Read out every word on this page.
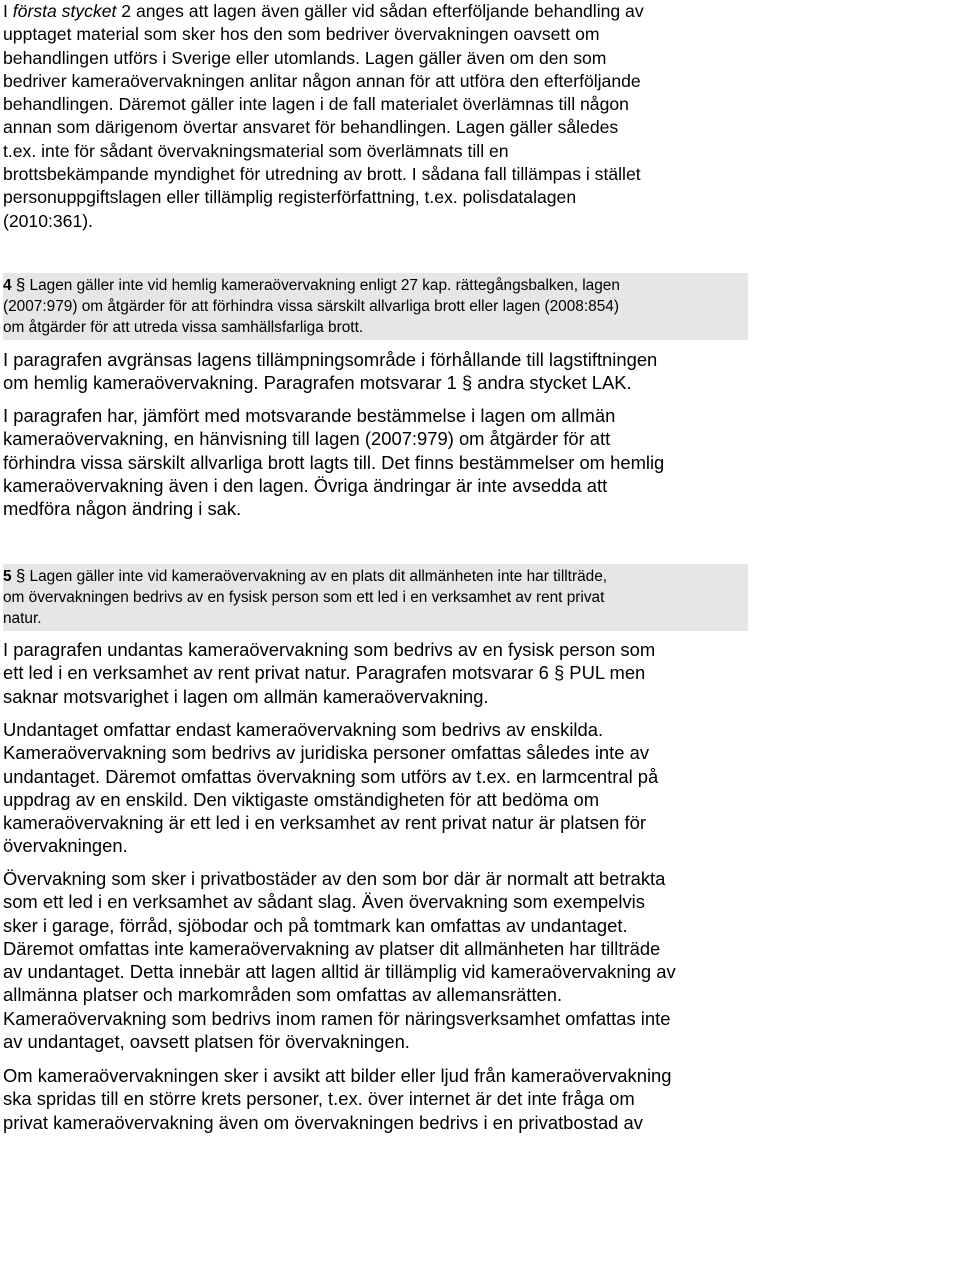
I första stycket 2 anges att lagen även gäller vid sådan efterföljande behandling av
upptaget material som sker hos den som bedriver övervakningen oavsett om
behandlingen utförs i Sverige eller utomlands. Lagen gäller även om den som
bedriver kameraövervakningen anlitar någon annan för att utföra den efterföljande
behandlingen. Däremot gäller inte lagen i de fall materialet överlämnas till någon
annan som därigenom övertar ansvaret för behandlingen. Lagen gäller således
t.ex. inte för sådant övervakningsmaterial som överlämnats till en
brottsbekämpande myndighet för utredning av brott. I sådana fall tillämpas i stället
personuppgiftslagen eller tillämplig registerförfattning, t.ex. polisdatalagen
(2010:361).

4 § Lagen gäller inte vid hemlig kameraövervakning enligt 27 kap. rättegångsbalken, lagen
(2007:979) om åtgärder för att förhindra vissa särskilt allvarliga brott eller lagen (2008:854)
om åtgärder för att utreda vissa samhällsfarliga brott.

I paragrafen avgränsas lagens tillämpningsområde i förhållande till lagstiftningen
om hemlig kameraövervakning. Paragrafen motsvarar 1 § andra stycket LAK.

I paragrafen har, jämfört med motsvarande bestämmelse i lagen om allmän
kameraövervakning, en hänvisning till lagen (2007:979) om åtgärder för att
förhindra vissa särskilt allvarliga brott lagts till. Det finns bestämmelser om hemlig
kameraövervakning även i den lagen. Övriga ändringar är inte avsedda att
medföra någon ändring i sak.

5 § Lagen gäller inte vid kameraövervakning av en plats dit allmänheten inte har tillträde,
om övervakningen bedrivs av en fysisk person som ett led i en verksamhet av rent privat
natur.

I paragrafen undantas kameraövervakning som bedrivs av en fysisk person som
ett led i en verksamhet av rent privat natur. Paragrafen motsvarar 6 § PUL men
saknar motsvarighet i lagen om allmän kameraövervakning.

Undantaget omfattar endast kameraövervakning som bedrivs av enskilda.
Kameraövervakning som bedrivs av juridiska personer omfattas således inte av
undantaget. Däremot omfattas övervakning som utförs av t.ex. en larmcentral på
uppdrag av en enskild. Den viktigaste omständigheten för att bedöma om
kameraövervakning är ett led i en verksamhet av rent privat natur är platsen för
övervakningen.

Övervakning som sker i privatbostäder av den som bor där är normalt att betrakta
som ett led i en verksamhet av sådant slag. Även övervakning som exempelvis
sker i garage, förråd, sjöbodar och på tomtmark kan omfattas av undantaget.
Däremot omfattas inte kameraövervakning av platser dit allmänheten har tillträde
av undantaget. Detta innebär att lagen alltid är tillämplig vid kameraövervakning av
allmänna platser och markområden som omfattas av allemansrätten.
Kameraövervakning som bedrivs inom ramen för näringsverksamhet omfattas inte
av undantaget, oavsett platsen för övervakningen.

Om kameraövervakningen sker i avsikt att bilder eller ljud från kameraövervakning
ska spridas till en större krets personer, t.ex. över internet är det inte fråga om
privat kameraövervakning även om övervakningen bedrivs i en privatbostad av
